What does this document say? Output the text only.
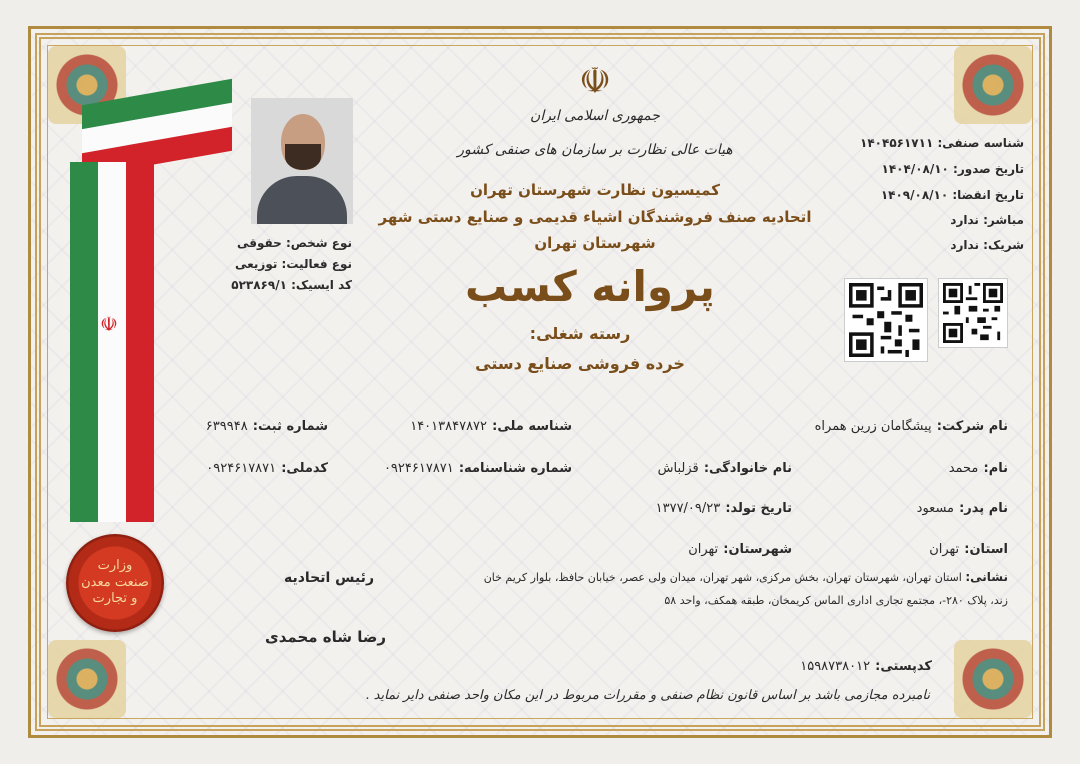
☫
وزارت صنعت معدن و تجارت
نوع شخص: حقوقی
نوع فعالیت: توزیعی
کد ایسیک: ۵۲۳۸۶۹/۱
☫
جمهوری اسلامی ایران
هیات عالی نظارت بر سازمان های صنفی کشور
کمیسیون نظارت شهرستان تهران
اتحادیه صنف فروشندگان اشیاء قدیمی و صنایع دستی شهر
شهرستان تهران
پروانه کسب
رسته شغلی:
خرده فروشی صنایع دستی
شناسه صنفی: ۱۴۰۴۵۶۱۷۱۱
تاریخ صدور: ۱۴۰۴/۰۸/۱۰
تاریخ انقضا: ۱۴۰۹/۰۸/۱۰
مباشر: ندارد
شریک: ندارد
نام شرکت: پیشگامان زرین همراه
شناسه ملی: ۱۴۰۱۳۸۴۷۸۷۲
شماره ثبت: ۶۳۹۹۴۸
نام: محمد
نام خانوادگی: قزلباش
شماره شناسنامه: ۰۹۲۴۶۱۷۸۷۱
کدملی: ۰۹۲۴۶۱۷۸۷۱
نام پدر: مسعود
تاریخ تولد: ۱۳۷۷/۰۹/۲۳
استان: تهران
شهرستان: تهران
نشانی: استان تهران، شهرستان تهران، بخش مرکزی، شهر تهران، میدان ولی عصر، خیابان حافظ، بلوار کریم خان
زند، پلاک ۲۸۰-، مجتمع تجاری اداری الماس کریمخان، طبقه همکف، واحد ۵۸
کدپستی: ۱۵۹۸۷۳۸۰۱۲
رئیس اتحادیه
رضا شاه محمدی
نامبرده مجازمی باشد بر اساس قانون نظام صنفی و مقررات مربوط در این مکان واحد صنفی دایر نماید .
